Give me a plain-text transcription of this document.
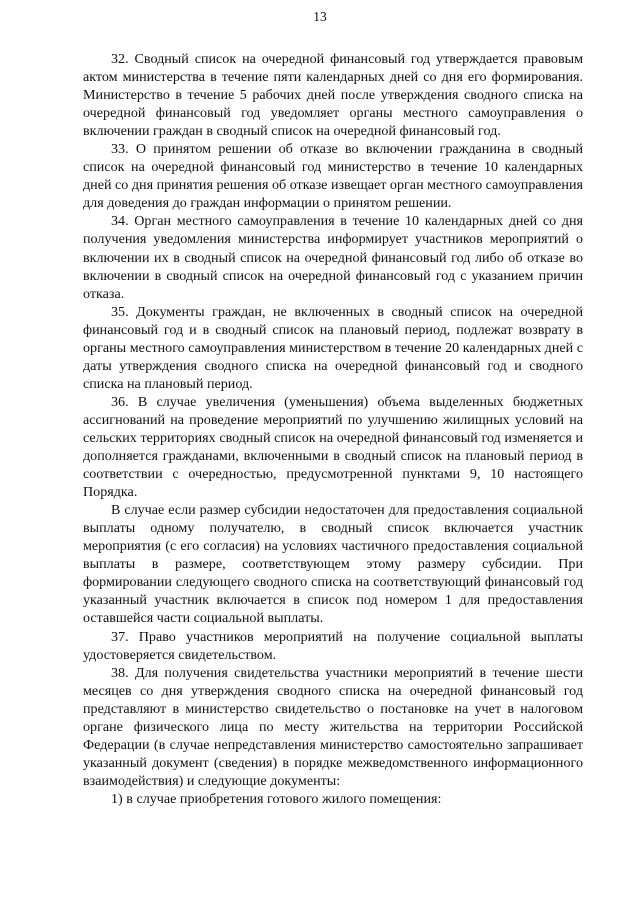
13

32. Сводный список на очередной финансовый год утверждается правовым актом министерства в течение пяти календарных дней со дня его формирования. Министерство в течение 5 рабочих дней после утверждения сводного списка на очередной финансовый год уведомляет органы местного самоуправления о включении граждан в сводный список на очередной финансовый год.

33. О принятом решении об отказе во включении гражданина в сводный список на очередной финансовый год министерство в течение 10 календарных дней со дня принятия решения об отказе извещает орган местного самоуправления для доведения до граждан информации о принятом решении.

34. Орган местного самоуправления в течение 10 календарных дней со дня получения уведомления министерства информирует участников мероприятий о включении их в сводный список на очередной финансовый год либо об отказе во включении в сводный список на очередной финансовый год с указанием причин отказа.

35. Документы граждан, не включенных в сводный список на очередной финансовый год и в сводный список на плановый период, подлежат возврату в органы местного самоуправления министерством в течение 20 календарных дней с даты утверждения сводного списка на очередной финансовый год и сводного списка на плановый период.

36. В случае увеличения (уменьшения) объема выделенных бюджетных ассигнований на проведение мероприятий по улучшению жилищных условий на сельских территориях сводный список на очередной финансовый год изменяется и дополняется гражданами, включенными в сводный список на плановый период в соответствии с очередностью, предусмотренной пунктами 9, 10 настоящего Порядка.

В случае если размер субсидии недостаточен для предоставления социальной выплаты одному получателю, в сводный список включается участник мероприятия (с его согласия) на условиях частичного предоставления социальной выплаты в размере, соответствующем этому размеру субсидии. При формировании следующего сводного списка на соответствующий финансовый год указанный участник включается в список под номером 1 для предоставления оставшейся части социальной выплаты.

37. Право участников мероприятий на получение социальной выплаты удостоверяется свидетельством.

38. Для получения свидетельства участники мероприятий в течение шести месяцев со дня утверждения сводного списка на очередной финансовый год представляют в министерство свидетельство о постановке на учет в налоговом органе физического лица по месту жительства на территории Российской Федерации (в случае непредставления министерство самостоятельно запрашивает указанный документ (сведения) в порядке межведомственного информационного взаимодействия) и следующие документы:

1) в случае приобретения готового жилого помещения:
